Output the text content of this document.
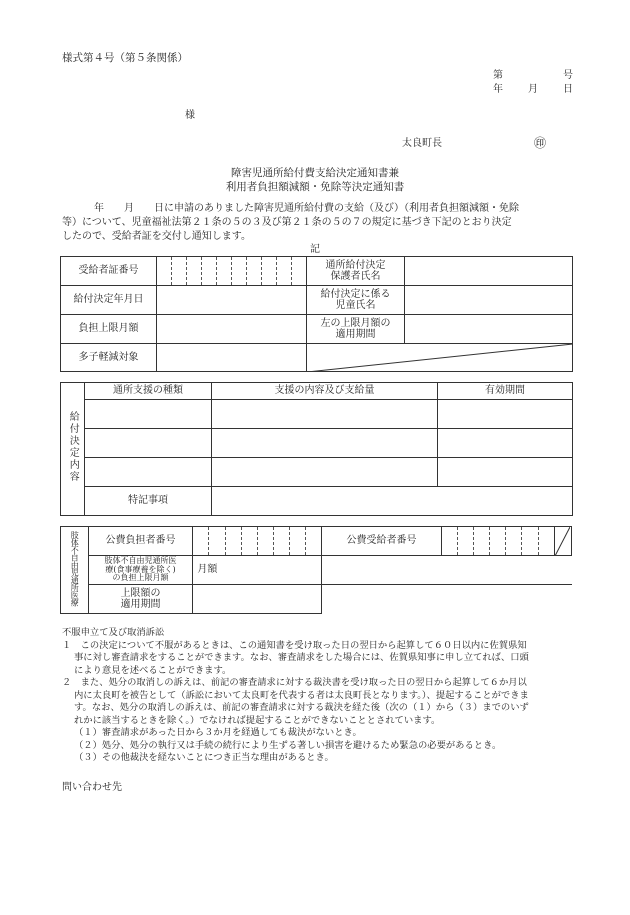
様式第４号（第５条関係）
第	号
年	月	日
様
太良町長	㊞
障害児通所給付費支給決定通知書兼
利用者負担額減額・免除等決定通知書
年　　月　　日に申請のありました障害児通所給付費の支給（及び）（利用者負担額減額・免除
等）について、児童福祉法第２１条の５の３及び第２１条の５の７の規定に基づき下記のとおり決定
したので、受給者証を交付し通知します。
記
受給者証番号											通所給付決定
保護者氏名	
給付決定年月日											給付決定に係る
児童氏名	
負担上限月額											左の上限月額の
適用期間	
多子軽減対象		
給付決定内容	通所支援の種類	支援の内容及び支給量	有効期間

	特記事項		
肢体不自由児通所医療	公費負担者番号									公費受給者番号								

	肢体不自由児通所医
療(食事療養を除く)
の負担上限月額	月額																
	上限額の
適用期間																	

不服申立て及び取消訴訟

１　この決定について不服があるときは、この通知書を受け取った日の翌日から起算して６０日以内に佐賀県知

事に対し審査請求をすることができます。なお、審査請求をした場合には、佐賀県知事に申し立てれば、口頭

により意見を述べることができます。

２　また、処分の取消しの訴えは、前記の審査請求に対する裁決書を受け取った日の翌日から起算して６か月以

内に太良町を被告として（訴訟において太良町を代表する者は太良町長となります。）、提起することができま

す。なお、処分の取消しの訴えは、前記の審査請求に対する裁決を経た後（次の（１）から（３）までのいず

れかに該当するときを除く。）でなければ提起することができないこととされています。

（１）審査請求があった日から３か月を経過しても裁決がないとき。

（２）処分、処分の執行又は手続の続行により生ずる著しい損害を避けるため緊急の必要があるとき。

（３）その他裁決を経ないことにつき正当な理由があるとき。

問い合わせ先
